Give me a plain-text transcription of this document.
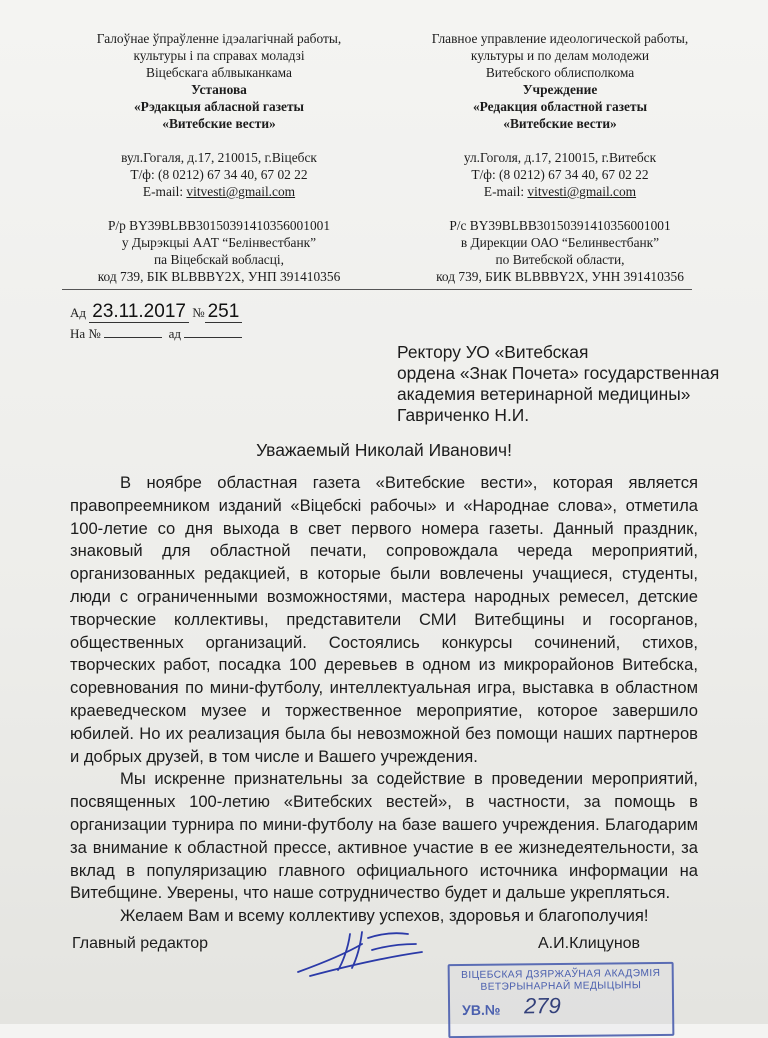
Галоўнае ўпраўленне ідэалагічнай работы,
культуры і па справах моладзі
Віцебскага аблвыканкама
Установа
«Рэдакцыя абласной газеты
«Витебские вести»
вул.Гогаля, д.17, 210015, г.Віцебск
Т/ф: (8 0212) 67 34 40, 67 02 22
E-mail: vitvesti@gmail.com
Р/р BY39BLBB30150391410356001001
у Дырэкцыі ААТ “Белінвестбанк”
па Віцебскай вобласці,
код 739, БІК BLBBBY2X, УНП 391410356
Главное управление идеологической работы,
культуры и по делам молодежи
Витебского облисполкома
Учреждение
«Редакция областной газеты
«Витебские вести»
ул.Гоголя, д.17, 210015, г.Витебск
Т/ф: (8 0212) 67 34 40, 67 02 22
E-mail: vitvesti@gmail.com
Р/с BY39BLBB30150391410356001001
в Дирекции ОАО “Белинвестбанк”
по Витебской области,
код 739, БИК BLBBBY2X, УНН 391410356
Ад 23.11.2017 № 251
На №	ад
Ректору УО «Витебская
ордена «Знак Почета» государственная
академия ветеринарной медицины»
Гавриченко Н.И.
Уважаемый Николай Иванович!

В ноябре областная газета «Витебские вести», которая является правопреемником изданий «Віцебскі рабочы» и «Народнае слова», отметила 100-летие со дня выхода в свет первого номера газеты. Данный праздник, знаковый для областной печати, сопровождала череда мероприятий, организованных редакцией, в которые были вовлечены учащиеся, студенты, люди с ограниченными возможностями, мастера народных ремесел, детские творческие коллективы, представители СМИ Витебщины и госорганов, общественных организаций. Состоялись конкурсы сочинений, стихов, творческих работ, посадка 100 деревьев в одном из микрорайонов Витебска, соревнования по мини-футболу, интеллектуальная игра, выставка в областном краеведческом музее и торжественное мероприятие, которое завершило юбилей. Но их реализация была бы невозможной без помощи наших партнеров и добрых друзей, в том числе и Вашего учреждения.

Мы искренне признательны за содействие в проведении мероприятий, посвященных 100-летию «Витебских вестей», в частности, за помощь в организации турнира по мини-футболу на базе вашего учреждения. Благодарим за внимание к областной прессе, активное участие в ее жизнедеятельности, за вклад в популяризацию главного официального источника информации на Витебщине. Уверены, что наше сотрудничество будет и дальше укрепляться.

Желаем Вам и всему коллективу успехов, здоровья и благополучия!

Главный редактор	А.И.Клицунов
ВІЦЕБСКАЯ ДЗЯРЖАЎНАЯ АКАДЭМІЯ
ВЕТЭРЫНАРНАЙ МЕДЫЦЫНЫ
УВ.№ 279
